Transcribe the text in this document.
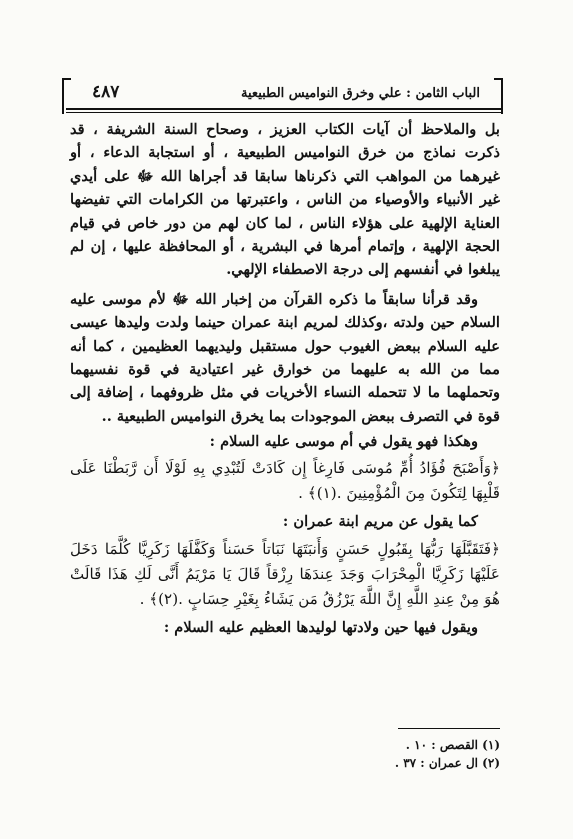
الباب الثامن : علي وخرق النواميس الطبيعية
٤٨٧

بل والملاحظ أن آيات الكتاب العزيز ، وصحاح السنة الشريفة ، قد ذكرت نماذج من خرق النواميس الطبيعية ، أو استجابة الدعاء ، أو غيرهما من المواهب التي ذكرناها سابقا قد أجراها الله ﷻ على أيدي غير الأنبياء والأوصياء من الناس ، واعتبرتها من الكرامات التي تفيضها العناية الإلهية على هؤلاء الناس ، لما كان لهم من دور خاص في قيام الحجة الإلهية ، وإتمام أمرها في البشرية ، أو المحافظة عليها ، إن لم يبلغوا في أنفسهم إلى درجة الاصطفاء الإلهي.

وقد قرأنا سابقاً ما ذكره القرآن من إخبار الله ﷻ لأم موسى عليه السلام حين ولدته ،وكذلك لمريم ابنة عمران حينما ولدت وليدها عيسى عليه السلام ببعض الغيوب حول مستقبل وليديهما العظيمين ، كما أنه مما من الله به عليهما من خوارق غير اعتيادية في قوة نفسيهما وتحملهما ما لا تتحمله النساء الأخريات في مثل ظروفهما ، إضافة إلى قوة في التصرف ببعض الموجودات بما يخرق النواميس الطبيعية ..

وهكذا فهو يقول في أم موسى عليه السلام :

﴿وَأَصْبَحَ فُؤَادُ أُمِّ مُوسَى فَارِغاً إِن كَادَتْ لَتُبْدِي بِهِ لَوْلَا أَن رَّبَطْنَا عَلَى قَلْبِهَا لِتَكُونَ مِنَ الْمُؤْمِنِينَ .(١)﴾ .

كما يقول عن مريم ابنة عمران :

﴿فَتَقَبَّلَهَا رَبُّهَا بِقَبُولٍ حَسَنٍ وَأَنبَتَهَا نَبَاتاً حَسَناً وَكَفَّلَهَا زَكَرِيَّا كُلَّمَا دَخَلَ عَلَيْهَا زَكَرِيَّا الْمِحْرَابَ وَجَدَ عِندَهَا رِزْقاً قَالَ يَا مَرْيَمُ أَنَّى لَكِ هَذَا قَالَتْ هُوَ مِنْ عِندِ اللَّهِ إِنَّ اللَّهَ يَرْزُقُ مَن يَشَاءُ بِغَيْرِ حِسَابٍ .(٢)﴾ .

ويقول فيها حين ولادتها لوليدها العظيم عليه السلام :

(١) القصص : ١٠ .
(٢) ال عمران : ٣٧ .
